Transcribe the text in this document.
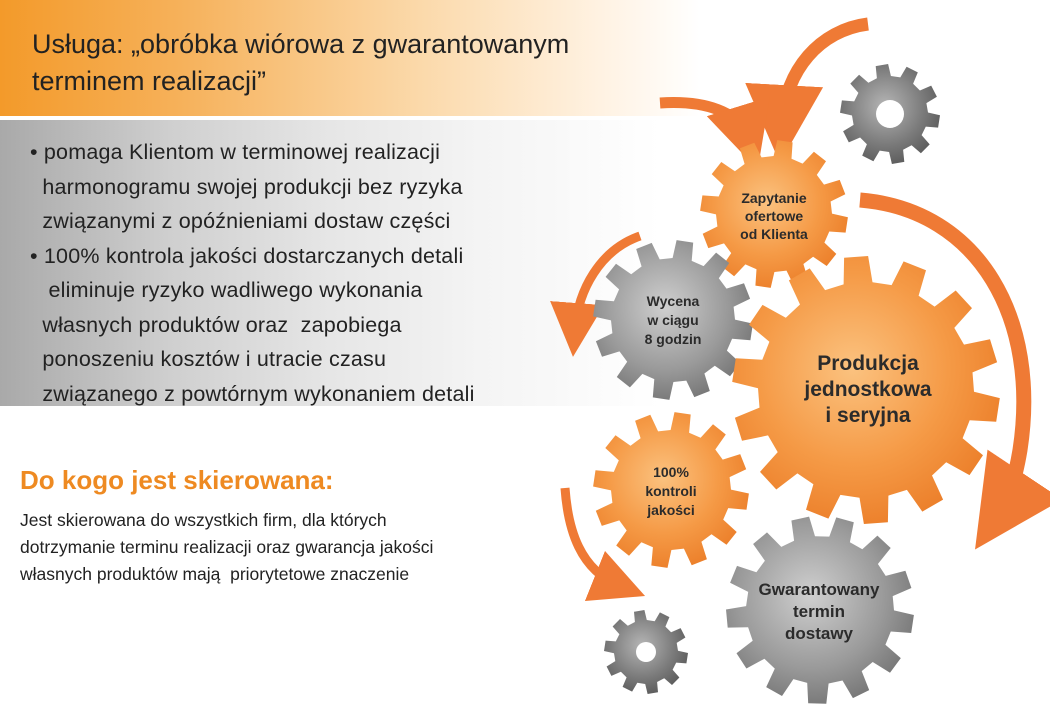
Usługa: „obróbka wiórowa z gwarantowanym
terminem realizacji”
• pomaga Klientom w terminowej realizacji
harmonogramu swojej produkcji bez ryzyka
związanymi z opóźnieniami dostaw części
• 100% kontrola jakości dostarczanych detali
eliminuje ryzyko wadliwego wykonania
własnych produktów oraz  zapobiega
ponoszeniu kosztów i utracie czasu
związanego z powtórnym wykonaniem detali
Do kogo jest skierowana:
Jest skierowana do wszystkich firm, dla których
dotrzymanie terminu realizacji oraz gwarancja jakości
własnych produktów mają  priorytetowe znaczenie
Zapytanie
ofertowe
od Klienta
Wycena
w ciągu
8 godzin
Produkcja
jednostkowa
i seryjna
100%
kontroli
jakości
Gwarantowany
termin
dostawy
